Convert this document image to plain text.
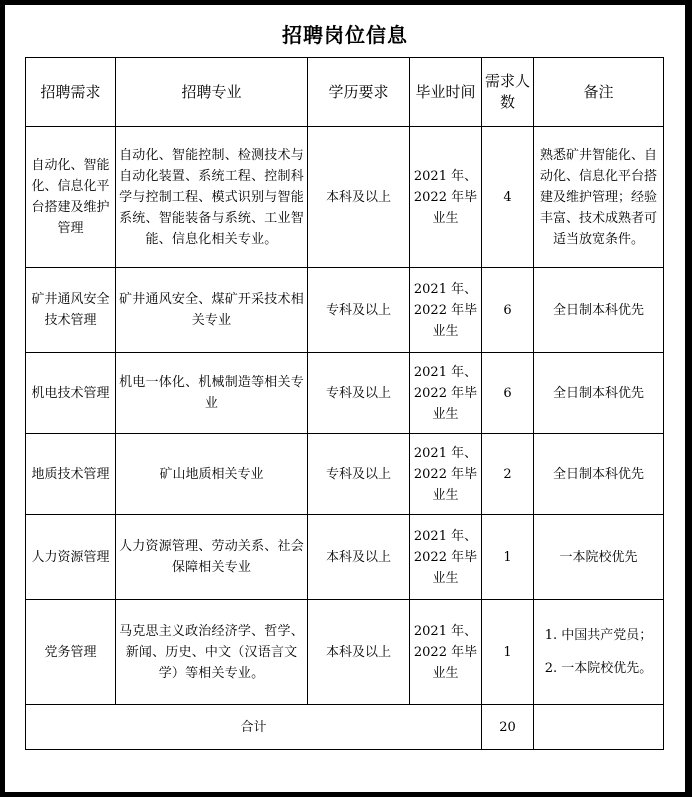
招聘岗位信息
招聘需求	招聘专业	学历要求	毕业时间	需求人数	备注

自动化、智能化、信息化平台搭建及维护管理	自动化、智能控制、检测技术与自动化装置、系统工程、控制科学与控制工程、模式识别与智能系统、智能装备与系统、工业智能、信息化相关专业。	本科及以上	2021 年、2022 年毕业生	4	熟悉矿井智能化、自动化、信息化平台搭建及维护管理；经验丰富、技术成熟者可适当放宽条件。
矿井通风安全技术管理	矿井通风安全、煤矿开采技术相关专业	专科及以上	2021 年、2022 年毕业生	6	全日制本科优先
机电技术管理	机电一体化、机械制造等相关专业	专科及以上	2021 年、2022 年毕业生	6	全日制本科优先
地质技术管理	矿山地质相关专业	专科及以上	2021 年、2022 年毕业生	2	全日制本科优先
人力资源管理	人力资源管理、劳动关系、社会保障相关专业	本科及以上	2021 年、2022 年毕业生	1	一本院校优先
党务管理	马克思主义政治经济学、哲学、新闻、历史、中文（汉语言文学）等相关专业。	本科及以上	2021 年、2022 年毕业生	1	1. 中国共产党员；
2. 一本院校优先。

合计				20	
